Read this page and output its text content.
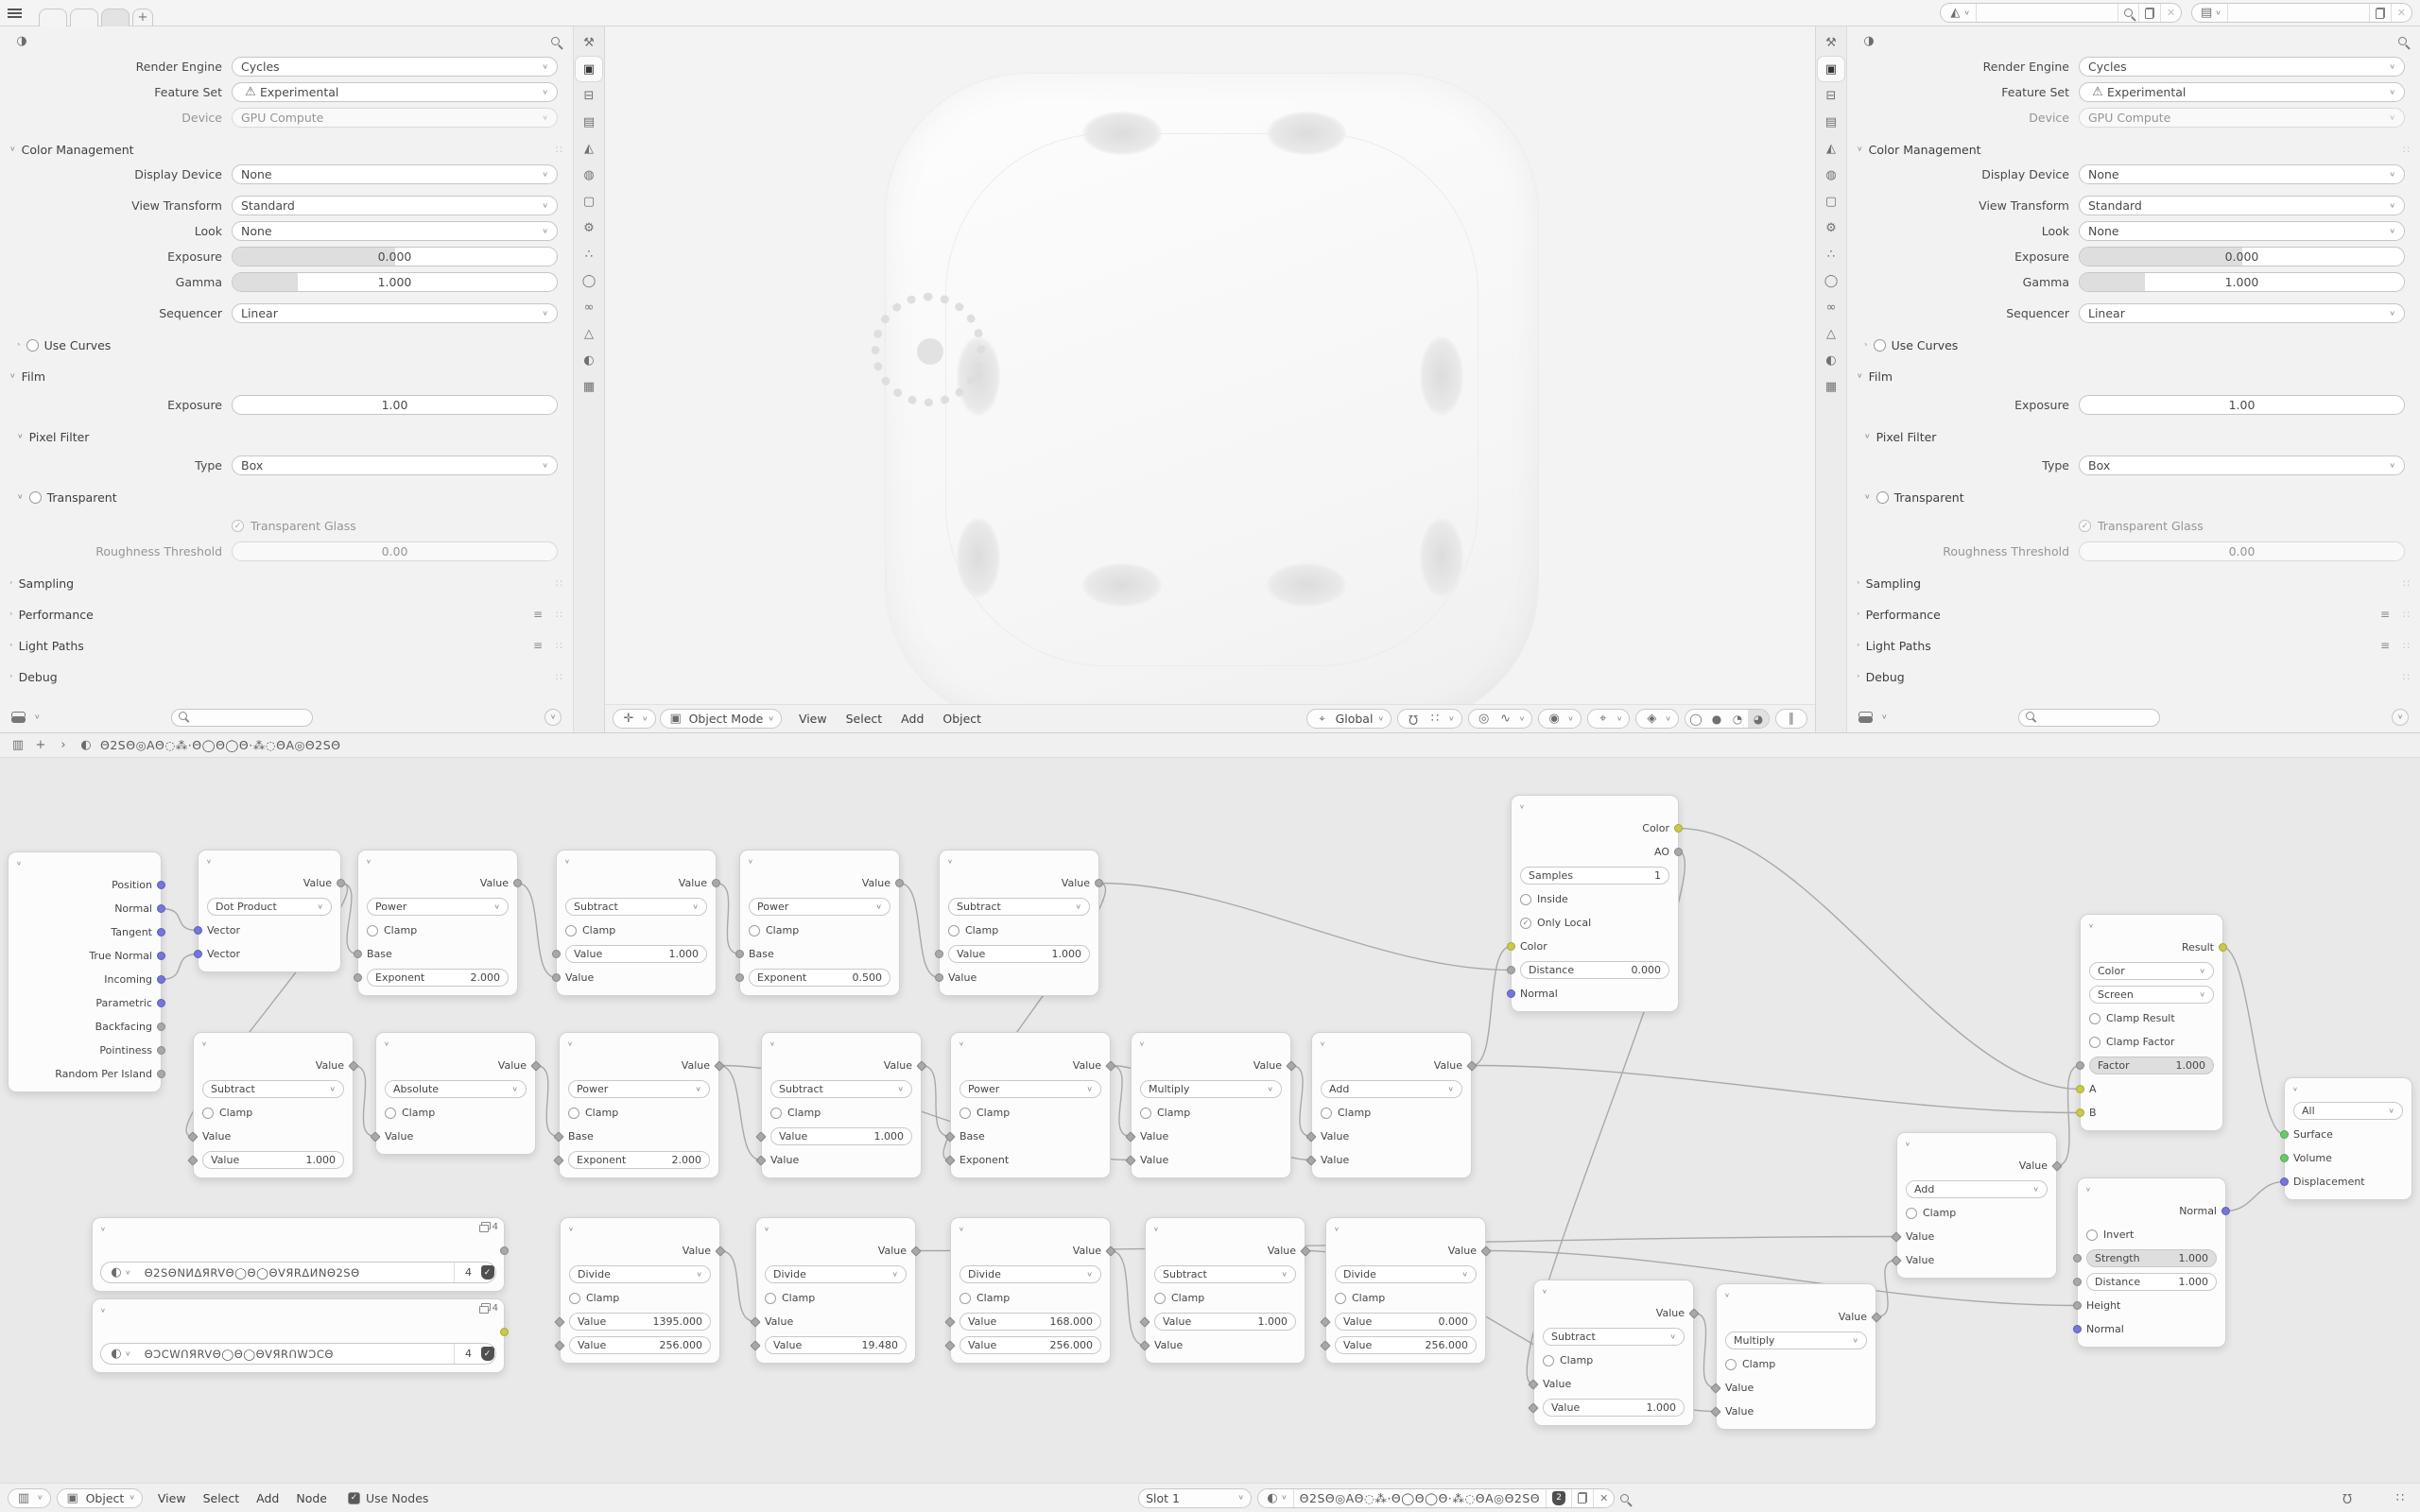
+	◭ ∨	✕	▤ ∨	✕
◑
Render Engine	Cycles	∨
Feature Set	⚠ Experimental	∨
Device	GPU Compute	∨
∨ Color Management	∷
Display Device	None	∨
View Transform	Standard	∨
Look	None	∨
Exposure	0.000
Gamma	1.000
Sequencer	Linear	∨
› Use Curves
∨ Film
Exposure	1.00
∨ Pixel Filter
Type	Box	∨
∨ Transparent
✓ Transparent Glass
Roughness Threshold	0.00
› Sampling	∷
› Performance	≡ ∷
› Light Paths	≡ ∷
› Debug	∷
∨	∨
⚒
▣
⊟
▤
◭
◍
▢
⚙
∴
◯
∞
△
◐
▦
✛ ∨ ▣ Object Mode ∨ View Select Add Object	⌖ Global ∨	Ω	∷	∨ ◎ ∿ ∨ ◉ ∨	⌖	∨	◈	∨	◯ ● ◔ ◕	∥
◑
Render Engine	Cycles	∨
Feature Set	⚠ Experimental	∨
Device	GPU Compute	∨
∨ Color Management	∷
Display Device	None	∨
View Transform	Standard	∨
Look	None	∨
Exposure	0.000
Gamma	1.000
Sequencer	Linear	∨
› Use Curves
∨ Film
Exposure	1.00
∨ Pixel Filter
Type	Box	∨
∨ Transparent
✓ Transparent Glass
Roughness Threshold	0.00
› Sampling	∷
› Performance	≡ ∷
› Light Paths	≡ ∷
› Debug	∷
∨	∨
⚒
▣
⊟
▤
◭
◍
▢
⚙
∴
◯
∞
△
◐
▦
▥ +	›	◐ Θ2SΘ◎AΘ◌⁂·Θ◯Θ◯Θ·⁂◌ΘA◎Θ2SΘ
∨
Position
Normal
Tangent
True Normal
Incoming
Parametric
Backfacing
Pointiness
Random Per Island
∨
Value
Dot Product	∨
Vector
Vector
∨
Value
Power	∨
Clamp
Base
Exponent	2.000
∨
Value
Subtract	∨
Clamp
Value	1.000
Value
∨
Value
Power	∨
Clamp
Base
Exponent	0.500
∨
Value
Subtract	∨
Clamp
Value	1.000
Value
∨
Value
Subtract	∨
Clamp
Value
Value	1.000
∨
Value
Absolute	∨
Clamp
Value
∨
Value
Power	∨
Clamp
Base
Exponent	2.000
∨
Value
Subtract	∨
Clamp
Value	1.000
Value
∨
Value
Power	∨
Clamp
Base
Exponent
∨
Value
Multiply	∨
Clamp
Value
Value
∨
Value
Add	∨
Clamp
Value
Value
∨
Color
AO
Samples	1
Inside
✓ Only Local
Color
Distance	0.000
Normal
∨	4
◐ ∨	Θ2SΘNИΔЯRVΘ◯Θ◯ΘVЯRΔИNΘ2SΘ	4	✓
∨	4
◐ ∨	ΘƆCWՈЯRVΘ◯Θ◯ΘVЯRՈWƆCΘ	4	✓
∨
Value
Divide	∨
Clamp
Value	1395.000
Value	256.000
∨
Value
Divide	∨
Clamp
Value
Value	19.480
∨
Value
Divide	∨
Clamp
Value	168.000
Value	256.000
∨
Value
Subtract	∨
Clamp
Value	1.000
Value
∨
Value
Divide	∨
Clamp
Value	0.000
Value	256.000
∨
Value
Subtract	∨
Clamp
Value
Value	1.000
∨
Value
Multiply	∨
Clamp
Value
Value
∨
Value
Add	∨
Clamp
Value
Value
∨
Result
Color	∨
Screen	∨
Clamp Result
Clamp Factor
Factor	1.000
A
B
∨
Normal
Invert
Strength	1.000
Distance	1.000
Height
Normal
∨
All	∨
Surface
Volume
Displacement
▥ ∨ ▣ Object ∨ View Select Add Node	✓ Use Nodes	Slot 1	∨ ◐ ∨	Θ2SΘ◎AΘ◌⁂·Θ◯Θ◯Θ·⁂◌ΘA◎Θ2SΘ	2	✕	Ω	∷
